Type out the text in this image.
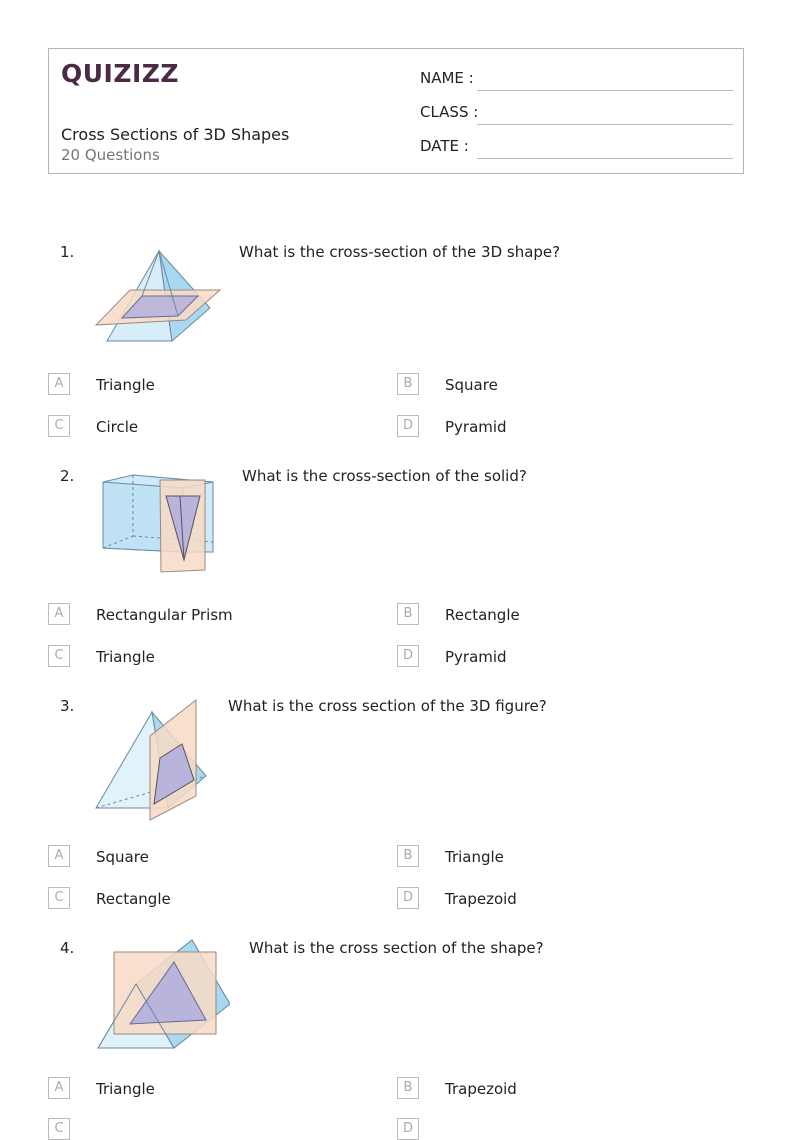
QUIZIZZ
Cross Sections of 3D Shapes
20 Questions
NAME :
CLASS :
DATE :
1.	What is the cross-section of the 3D shape?
A	Triangle	B	Square
C	Circle	D	Pyramid
2.	What is the cross-section of the solid?
A	Rectangular Prism	B	Rectangle
C	Triangle	D	Pyramid
3.	What is the cross section of the 3D figure?
A	Square	B	Triangle
C	Rectangle	D	Trapezoid
4.	What is the cross section of the shape?
A	Triangle	B	Trapezoid
C	D
